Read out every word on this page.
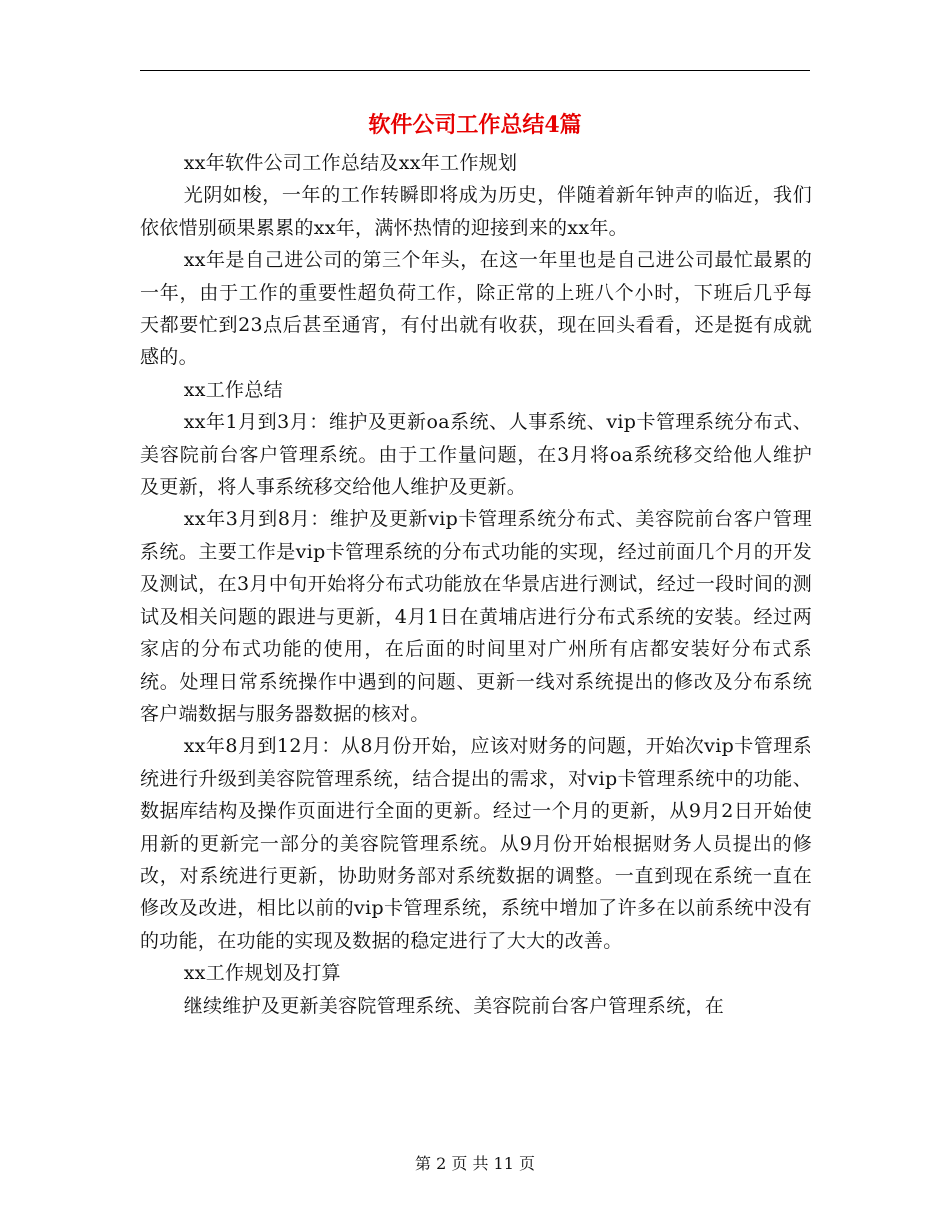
软件公司工作总结4篇

xx年软件公司工作总结及xx年工作规划

光阴如梭，一年的工作转瞬即将成为历史，伴随着新年钟声的临近，我们依依惜别硕果累累的xx年，满怀热情的迎接到来的xx年。

xx年是自己进公司的第三个年头，在这一年里也是自己进公司最忙最累的一年，由于工作的重要性超负荷工作，除正常的上班八个小时，下班后几乎每天都要忙到23点后甚至通宵，有付出就有收获，现在回头看看，还是挺有成就感的。

xx工作总结

xx年1月到3月：维护及更新oa系统、人事系统、vip卡管理系统分布式、美容院前台客户管理系统。由于工作量问题，在3月将oa系统移交给他人维护及更新，将人事系统移交给他人维护及更新。

xx年3月到8月：维护及更新vip卡管理系统分布式、美容院前台客户管理系统。主要工作是vip卡管理系统的分布式功能的实现，经过前面几个月的开发及测试，在3月中旬开始将分布式功能放在华景店进行测试，经过一段时间的测试及相关问题的跟进与更新，4月1日在黄埔店进行分布式系统的安装。经过两家店的分布式功能的使用，在后面的时间里对广州所有店都安装好分布式系统。处理日常系统操作中遇到的问题、更新一线对系统提出的修改及分布系统客户端数据与服务器数据的核对。

xx年8月到12月：从8月份开始，应该对财务的问题，开始次vip卡管理系统进行升级到美容院管理系统，结合提出的需求，对vip卡管理系统中的功能、数据库结构及操作页面进行全面的更新。经过一个月的更新，从9月2日开始使用新的更新完一部分的美容院管理系统。从9月份开始根据财务人员提出的修改，对系统进行更新，协助财务部对系统数据的调整。一直到现在系统一直在修改及改进，相比以前的vip卡管理系统，系统中增加了许多在以前系统中没有的功能，在功能的实现及数据的稳定进行了大大的改善。

xx工作规划及打算

继续维护及更新美容院管理系统、美容院前台客户管理系统，在

第 2 页 共 11 页
